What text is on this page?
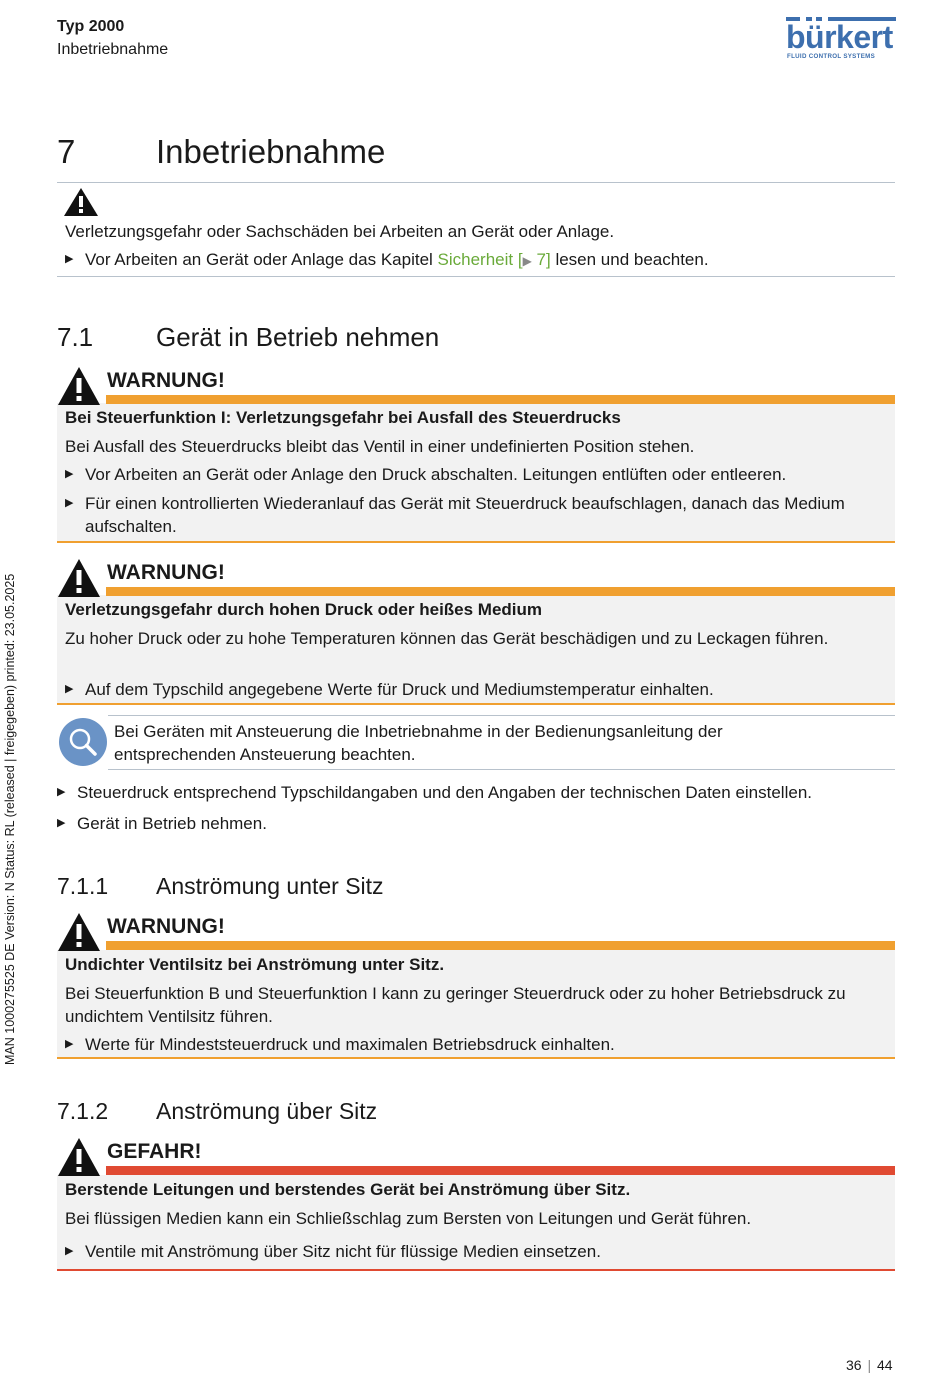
Typ 2000
Inbetriebnahme	bürkert
FLUID CONTROL SYSTEMS
MAN 1000275525 DE Version: N Status: RL (released | freigegeben) printed: 23.05.2025
7 Inbetriebnahme
Verletzungsgefahr oder Sachschäden bei Arbeiten an Gerät oder Anlage.
▶ Vor Arbeiten an Gerät oder Anlage das Kapitel Sicherheit [▶ 7] lesen und beachten.
7.1 Gerät in Betrieb nehmen
WARNUNG!
Bei Steuerfunktion I: Verletzungsgefahr bei Ausfall des Steuerdrucks
Bei Ausfall des Steuerdrucks bleibt das Ventil in einer undefinierten Position stehen.
▶ Vor Arbeiten an Gerät oder Anlage den Druck abschalten. Leitungen entlüften oder entleeren.
▶ Für einen kontrollierten Wiederanlauf das Gerät mit Steuerdruck beaufschlagen, danach das Medium aufschalten.
WARNUNG!
Verletzungsgefahr durch hohen Druck oder heißes Medium
Zu hoher Druck oder zu hohe Temperaturen können das Gerät beschädigen und zu Leckagen führen.
▶ Auf dem Typschild angegebene Werte für Druck und Mediumstemperatur einhalten.
Bei Geräten mit Ansteuerung die Inbetriebnahme in der Bedienungsanleitung der entsprechenden Ansteuerung beachten.
▶ Steuerdruck entsprechend Typschildangaben und den Angaben der technischen Daten einstellen.
▶ Gerät in Betrieb nehmen.
7.1.1 Anströmung unter Sitz
WARNUNG!
Undichter Ventilsitz bei Anströmung unter Sitz.
Bei Steuerfunktion B und Steuerfunktion I kann zu geringer Steuerdruck oder zu hoher Betriebsdruck zu undichtem Ventilsitz führen.
▶ Werte für Mindeststeuerdruck und maximalen Betriebsdruck einhalten.
7.1.2 Anströmung über Sitz
GEFAHR!
Berstende Leitungen und berstendes Gerät bei Anströmung über Sitz.
Bei flüssigen Medien kann ein Schließschlag zum Bersten von Leitungen und Gerät führen.
▶ Ventile mit Anströmung über Sitz nicht für flüssige Medien einsetzen.
36 | 44
